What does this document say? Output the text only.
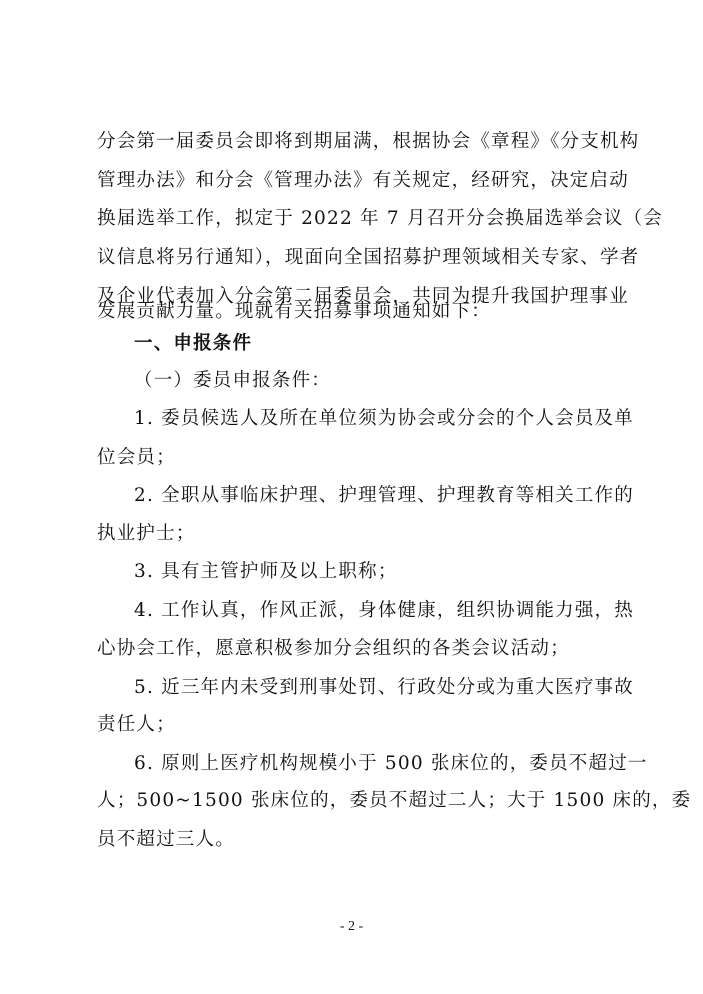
分会第一届委员会即将到期届满，根据协会《章程》《分支机构
管理办法》和分会《管理办法》有关规定，经研究，决定启动
换届选举工作，拟定于 2022 年 7 月召开分会换届选举会议（会
议信息将另行通知），现面向全国招募护理领域相关专家、学者
及企业代表加入分会第二届委员会，共同为提升我国护理事业
发展贡献力量。现就有关招募事项通知如下：
一、申报条件
（一）委员申报条件：
1. 委员候选人及所在单位须为协会或分会的个人会员及单
位会员；
2. 全职从事临床护理、护理管理、护理教育等相关工作的
执业护士；
3. 具有主管护师及以上职称；
4. 工作认真，作风正派，身体健康，组织协调能力强，热
心协会工作，愿意积极参加分会组织的各类会议活动；
5. 近三年内未受到刑事处罚、行政处分或为重大医疗事故
责任人；
6. 原则上医疗机构规模小于 500 张床位的，委员不超过一
人；500~1500 张床位的，委员不超过二人；大于 1500 床的，委
员不超过三人。
- 2 -
